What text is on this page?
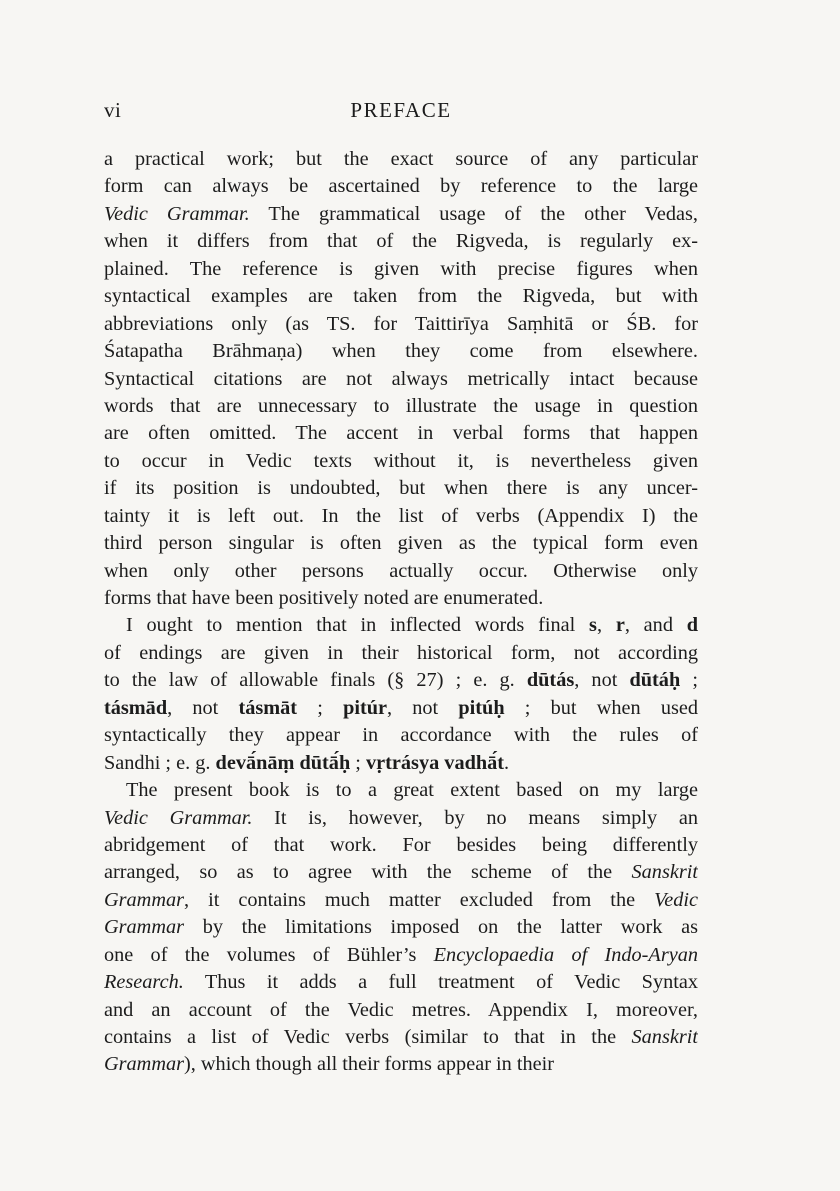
vi	PREFACE
a practical work; but the exact source of any particular
form can always be ascertained by reference to the large
Vedic Grammar. The grammatical usage of the other Vedas,
when it differs from that of the Rigveda, is regularly ex-
plained. The reference is given with precise figures when
syntactical examples are taken from the Rigveda, but with
abbreviations only (as TS. for Taittirīya Saṃhitā or ŚB. for
Śatapatha Brāhmaṇa) when they come from elsewhere.
Syntactical citations are not always metrically intact because
words that are unnecessary to illustrate the usage in question
are often omitted. The accent in verbal forms that happen
to occur in Vedic texts without it, is nevertheless given
if its position is undoubted, but when there is any uncer-
tainty it is left out. In the list of verbs (Appendix I) the
third person singular is often given as the typical form even
when only other persons actually occur. Otherwise only
forms that have been positively noted are enumerated.
I ought to mention that in inflected words final s, r, and d
of endings are given in their historical form, not according
to the law of allowable finals (§ 27) ; e. g. dūtás, not dūtáḥ ;
tásmād, not tásmāt ; pitúr, not pitúḥ ; but when used
syntactically they appear in accordance with the rules of
Sandhi ; e. g. devā́nāṃ dūtā́ḥ ; vṛtrásya vadhā́t.
The present book is to a great extent based on my large
Vedic Grammar. It is, however, by no means simply an
abridgement of that work. For besides being differently
arranged, so as to agree with the scheme of the Sanskrit
Grammar, it contains much matter excluded from the Vedic
Grammar by the limitations imposed on the latter work as
one of the volumes of Bühler’s Encyclopaedia of Indo-Aryan
Research. Thus it adds a full treatment of Vedic Syntax
and an account of the Vedic metres. Appendix I, moreover,
contains a list of Vedic verbs (similar to that in the Sanskrit
Grammar), which though all their forms appear in their
